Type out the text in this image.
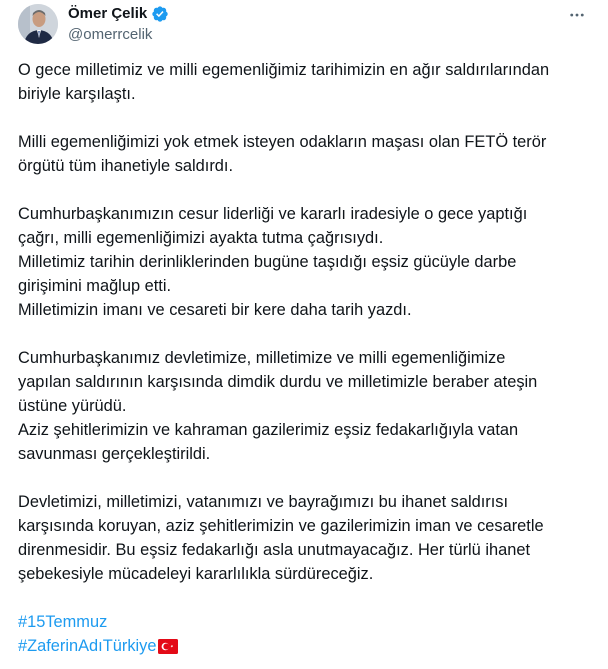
Ömer Çelik
@omerrcelik

O gece milletimiz ve milli egemenliğimiz tarihimizin en ağır saldırılarından
biriyle karşılaştı.

Milli egemenliğimizi yok etmek isteyen odakların maşası olan FETÖ terör
örgütü tüm ihanetiyle saldırdı.

Cumhurbaşkanımızın cesur liderliği ve kararlı iradesiyle o gece yaptığı
çağrı, milli egemenliğimizi ayakta tutma çağrısıydı.
Milletimiz tarihin derinliklerinden bugüne taşıdığı eşsiz gücüyle darbe
girişimini mağlup etti.
Milletimizin imanı ve cesareti bir kere daha tarih yazdı.

Cumhurbaşkanımız devletimize, milletimize ve milli egemenliğimize
yapılan saldırının karşısında dimdik durdu ve milletimizle beraber ateşin
üstüne yürüdü.
Aziz şehitlerimizin ve kahraman gazilerimiz eşsiz fedakarlığıyla vatan
savunması gerçekleştirildi.

Devletimizi, milletimizi, vatanımızı ve bayrağımızı bu ihanet saldırısı
karşısında koruyan, aziz şehitlerimizin ve gazilerimizin iman ve cesaretle
direnmesidir. Bu eşsiz fedakarlığı asla unutmayacağız. Her türlü ihanet
şebekesiyle mücadeleyi kararlılıkla sürdüreceğiz.

#15Temmuz
#ZaferinAdıTürkiye
